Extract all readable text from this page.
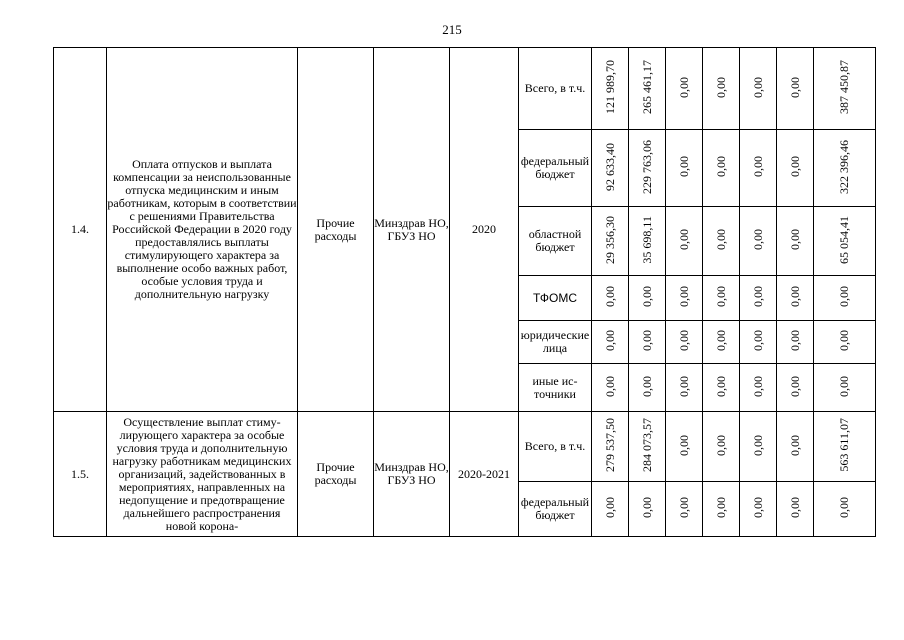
215
1.4.	Оплата отпусков и выплата компенсации за неиспользованные отпуска медицинским и иным работникам, которым в соответствии с решениями Правительства Российской Федерации в 2020 году предоставлялись выплаты стимулирующего характера за выполнение особо важных работ, особые условия труда и дополнительную нагрузку	Прочие расходы	Минздрав НО, ГБУЗ НО	2020	Всего, в т.ч.	121 989,70	265 461,17	0,00	0,00	0,00	0,00	387 450,87
					федеральный бюджет	92 633,40	229 763,06	0,00	0,00	0,00	0,00	322 396,46
					областной бюджет	29 356,30	35 698,11	0,00	0,00	0,00	0,00	65 054,41
					ТФОМС	0,00	0,00	0,00	0,00	0,00	0,00	0,00
					юридические лица	0,00	0,00	0,00	0,00	0,00	0,00	0,00
					иные источники	0,00	0,00	0,00	0,00	0,00	0,00	0,00
1.5.	Осуществление выплат стимулирующего характера за особые условия труда и дополнительную нагрузку работникам медицинских организаций, задействованных в мероприятиях, направленных на недопущение и предотвращение дальнейшего распространения новой корона-	Прочие расходы	Минздрав НО, ГБУЗ НО	2020-2021	Всего, в т.ч.	279 537,50	284 073,57	0,00	0,00	0,00	0,00	563 611,07
					федеральный бюджет	0,00	0,00	0,00	0,00	0,00	0,00	0,00
